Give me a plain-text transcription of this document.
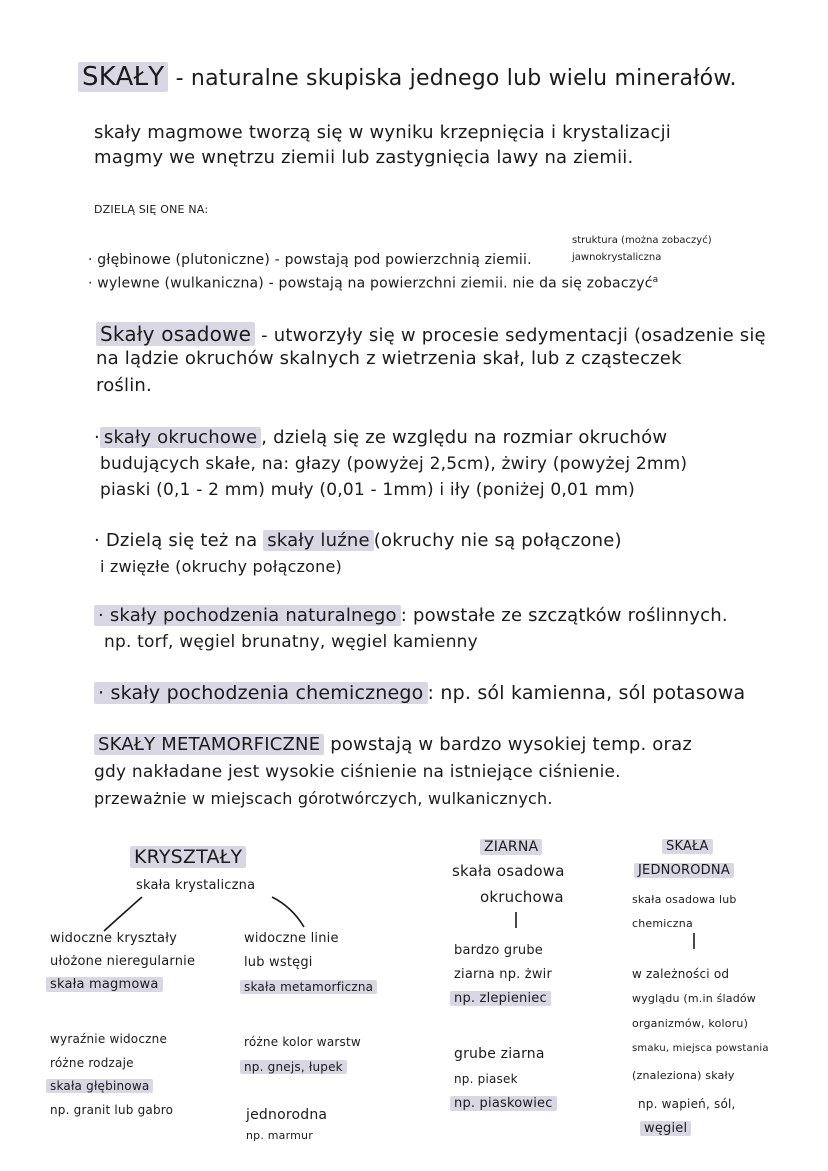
SKAŁY - naturalne skupiska jednego lub wielu minerałów.
skały magmowe tworzą się w wyniku krzepnięcia i krystalizacji
magmy we wnętrzu ziemii lub zastygnięcia lawy na ziemii.
DZIELĄ SIĘ ONE NA:
struktura (można zobaczyć)
jawnokrystaliczna
· głębinowe (plutoniczne) - powstają pod powierzchnią ziemii.
· wylewne (wulkaniczna) - powstają na powierzchni ziemii. nie da się zobaczyć$^a$
Skały osadowe - utworzyły się w procesie sedymentacji (osadzenie się
na lądzie okruchów skalnych z wietrzenia skał, lub z cząsteczek
roślin.
· skały okruchowe , dzielą się ze względu na rozmiar okruchów
budujących skałe, na: głazy (powyżej 2,5cm), żwiry (powyżej 2mm)
piaski (0,1 - 2 mm) muły (0,01 - 1mm) i iły (poniżej 0,01 mm)
· Dzielą się też na skały luźne (okruchy nie są połączone)
i zwięzłe (okruchy połączone)
· skały pochodzenia naturalnego : powstałe ze szczątków roślinnych.
np. torf, węgiel brunatny, węgiel kamienny
· skały pochodzenia chemicznego : np. sól kamienna, sól potasowa
SKAŁY METAMORFICZNE powstają w bardzo wysokiej temp. oraz
gdy nakładane jest wysokie ciśnienie na istniejące ciśnienie.
przeważnie w miejscach górotwórczych, wulkanicznych.
KRYSZTAŁY
skała krystaliczna
widoczne kryształy
ułożone nieregularnie
skała magmowa
wyraźnie widoczne
różne rodzaje
skała głębinowa
np. granit lub gabro
widoczne linie
lub wstęgi
skała metamorficzna
różne kolor warstw
np. gnejs, łupek
jednorodna
np. marmur
ZIARNA
skała osadowa
okruchowa
bardzo grube
ziarna np. żwir
np. zlepieniec
grube ziarna
np. piasek
np. piaskowiec
SKAŁA
JEDNORODNA
skała osadowa lub
chemiczna
w zależności od
wyglądu (m.in śladów
organizmów, koloru)
smaku, miejsca powstania
(znaleziona) skały
np. wapień, sól,
węgiel
